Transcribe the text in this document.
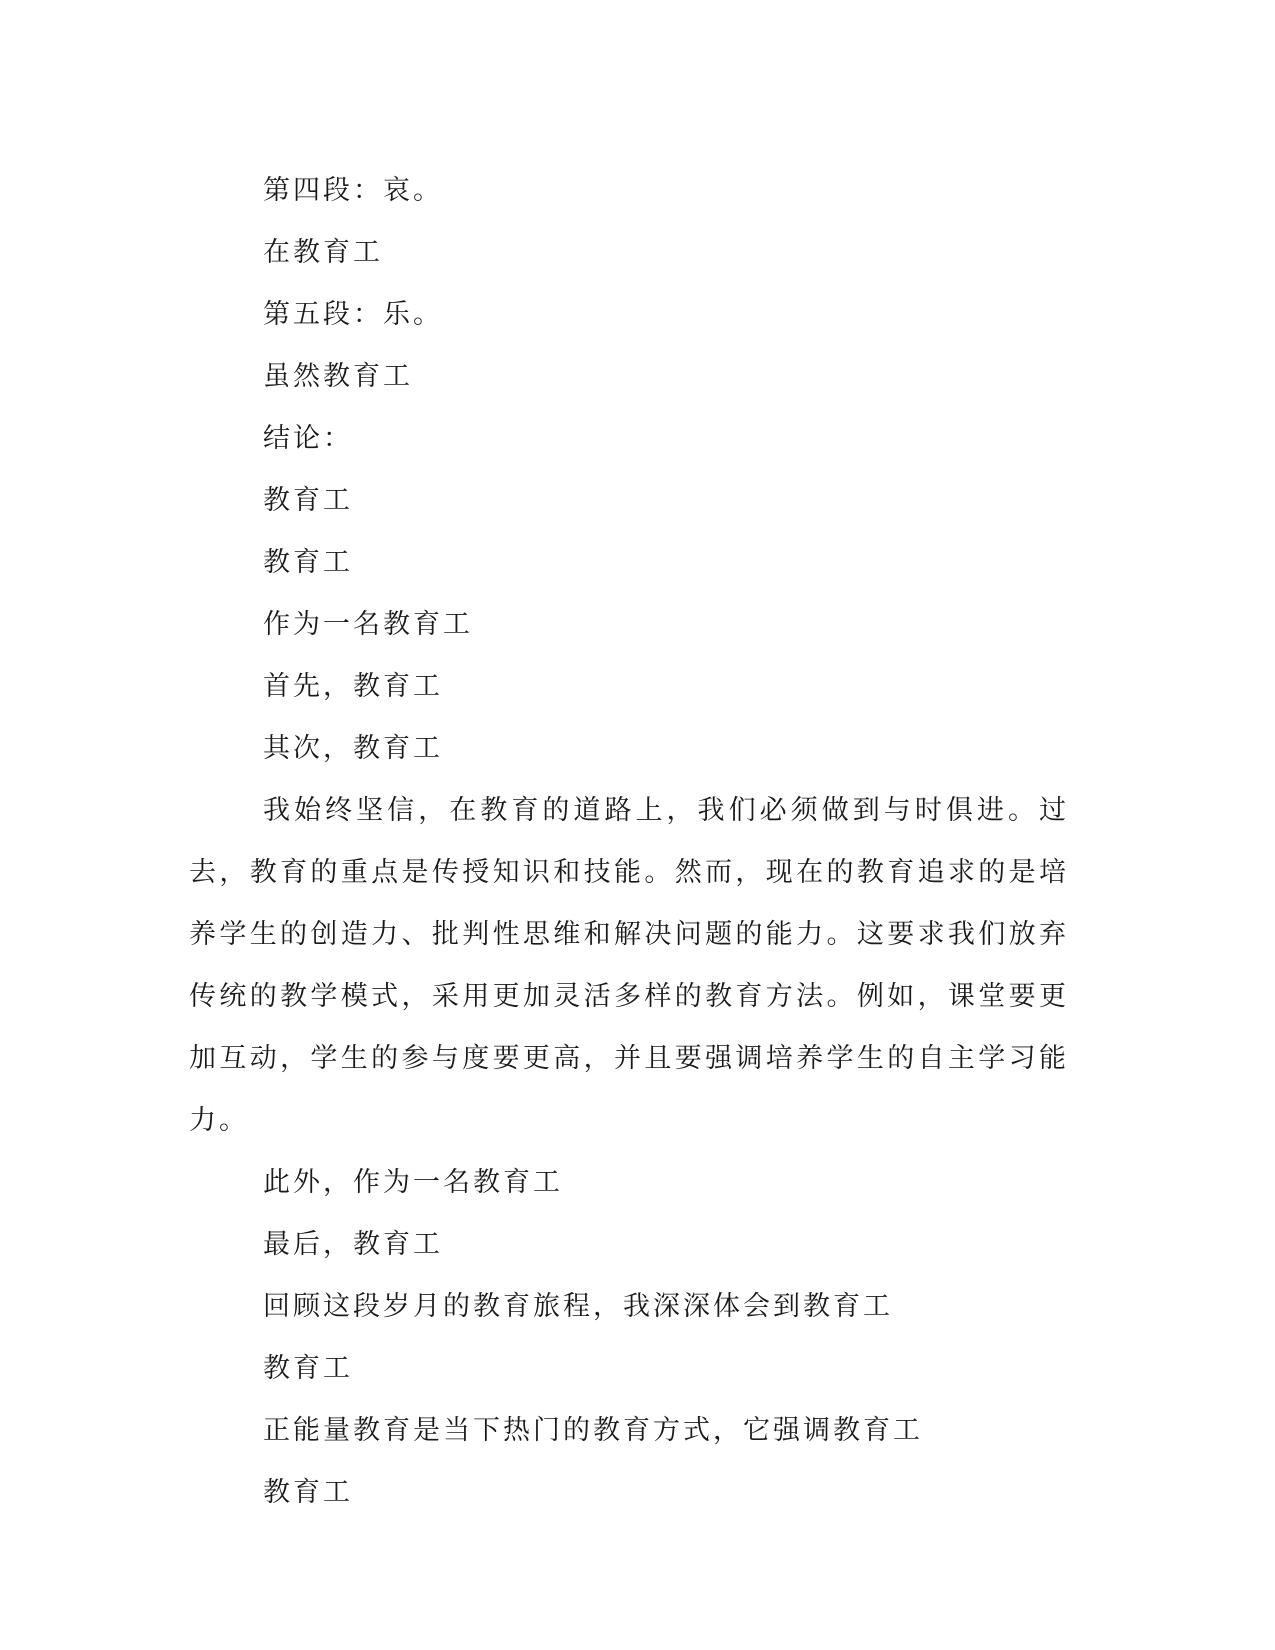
第四段：哀。

在教育工

第五段：乐。

虽然教育工

结论：

教育工

教育工

作为一名教育工

首先，教育工

其次，教育工

我始终坚信，在教育的道路上，我们必须做到与时俱进。过去，教育的重点是传授知识和技能。然而，现在的教育追求的是培养学生的创造力、批判性思维和解决问题的能力。这要求我们放弃传统的教学模式，采用更加灵活多样的教育方法。例如，课堂要更加互动，学生的参与度要更高，并且要强调培养学生的自主学习能力。

此外，作为一名教育工

最后，教育工

回顾这段岁月的教育旅程，我深深体会到教育工

教育工

正能量教育是当下热门的教育方式，它强调教育工

教育工
